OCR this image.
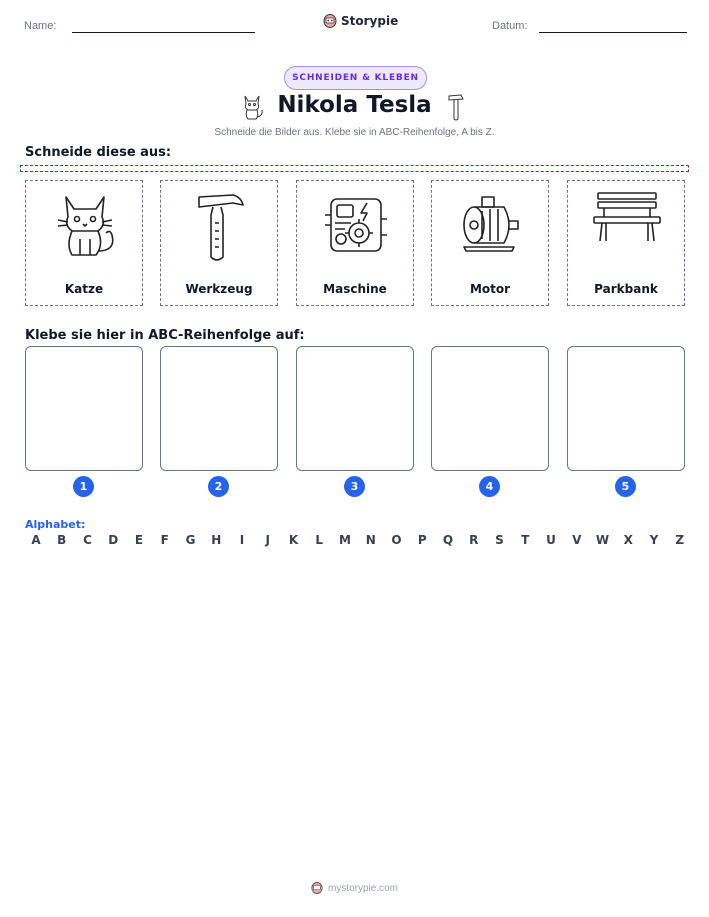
Name:	Storypie	Datum:
SCHNEIDEN & KLEBEN
Nikola Tesla
Schneide die Bilder aus. Klebe sie in ABC-Reihenfolge, A bis Z.
Schneide diese aus:
Katze	Werkzeug	Maschine	Motor	Parkbank
Klebe sie hier in ABC-Reihenfolge auf:
1	2	3	4	5
Alphabet:
A	B	C	D	E	F	G	H	I	J	K	L	M	N	O	P	Q	R	S	T	U	V	W	X	Y	Z
mystorypie.com
